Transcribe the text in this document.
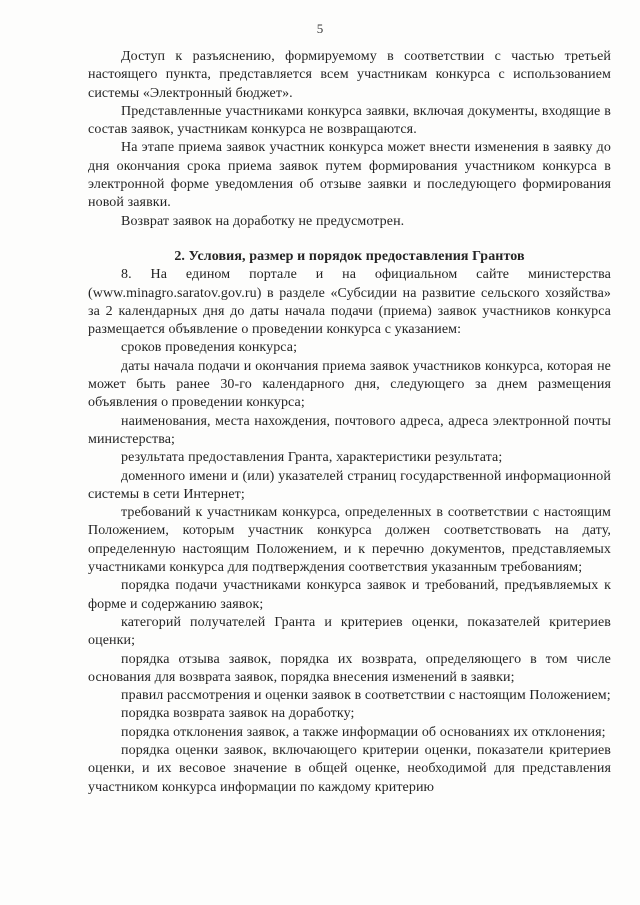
5

Доступ к разъяснению, формируемому в соответствии с частью третьей настоящего пункта, представляется всем участникам конкурса с использованием системы «Электронный бюджет».

Представленные участниками конкурса заявки, включая документы, входящие в состав заявок, участникам конкурса не возвращаются.

На этапе приема заявок участник конкурса может внести изменения в заявку до дня окончания срока приема заявок путем формирования участником конкурса в электронной форме уведомления об отзыве заявки и последующего формирования новой заявки.

Возврат заявок на доработку не предусмотрен.

2. Условия, размер и порядок предоставления Грантов

8. На едином портале и на официальном сайте министерства (www.minagro.saratov.gov.ru) в разделе «Субсидии на развитие сельского хозяйства» за 2 календарных дня до даты начала подачи (приема) заявок участников конкурса размещается объявление о проведении конкурса с указанием:

сроков проведения конкурса;

даты начала подачи и окончания приема заявок участников конкурса, которая не может быть ранее 30-го календарного дня, следующего за днем размещения объявления о проведении конкурса;

наименования, места нахождения, почтового адреса, адреса электронной почты министерства;

результата предоставления Гранта, характеристики результата;

доменного имени и (или) указателей страниц государственной информационной системы в сети Интернет;

требований к участникам конкурса, определенных в соответствии с настоящим Положением, которым участник конкурса должен соответствовать на дату, определенную настоящим Положением, и к перечню документов, представляемых участниками конкурса для подтверждения соответствия указанным требованиям;

порядка подачи участниками конкурса заявок и требований, предъявляемых к форме и содержанию заявок;

категорий получателей Гранта и критериев оценки, показателей критериев оценки;

порядка отзыва заявок, порядка их возврата, определяющего в том числе основания для возврата заявок, порядка внесения изменений в заявки;

правил рассмотрения и оценки заявок в соответствии с настоящим Положением;

порядка возврата заявок на доработку;

порядка отклонения заявок, а также информации об основаниях их отклонения;

порядка оценки заявок, включающего критерии оценки, показатели критериев оценки, и их весовое значение в общей оценке, необходимой для представления участником конкурса информации по каждому критерию
